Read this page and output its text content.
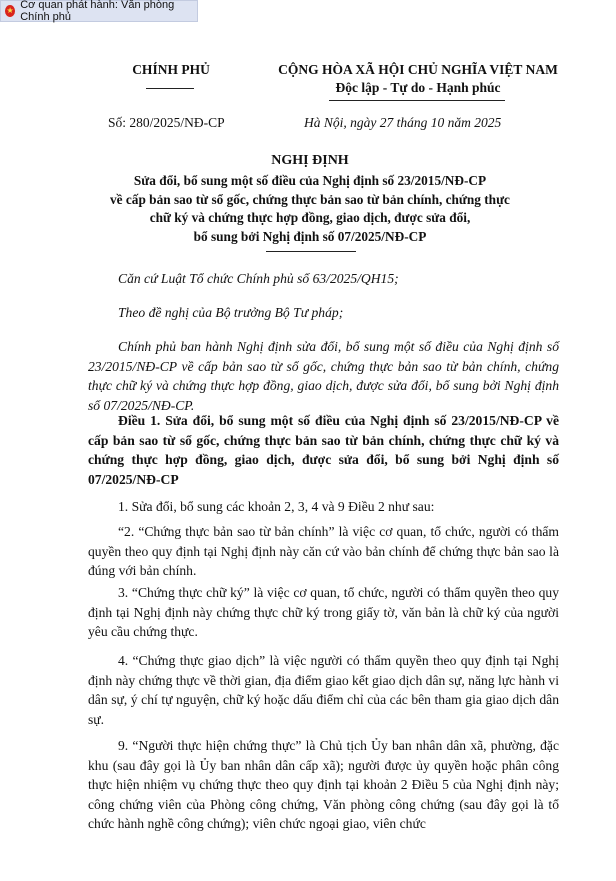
★ Cơ quan phát hành: Văn phòng Chính phủ

CHÍNH PHỦ	CỘNG HÒA XÃ HỘI CHỦ NGHĨA VIỆT NAM

Độc lập - Tự do - Hạnh phúc

Số: 280/2025/NĐ-CP	Hà Nội, ngày 27 tháng 10 năm 2025

NGHỊ ĐỊNH

Sửa đổi, bổ sung một số điều của Nghị định số 23/2015/NĐ-CP

về cấp bản sao từ sổ gốc, chứng thực bản sao từ bản chính, chứng thực

chữ ký và chứng thực hợp đồng, giao dịch, được sửa đổi,

bổ sung bởi Nghị định số 07/2025/NĐ-CP

Căn cứ Luật Tổ chức Chính phủ số 63/2025/QH15;

Theo đề nghị của Bộ trưởng Bộ Tư pháp;

Chính phủ ban hành Nghị định sửa đổi, bổ sung một số điều của Nghị định số 23/2015/NĐ-CP về cấp bản sao từ sổ gốc, chứng thực bản sao từ bản chính, chứng thực chữ ký và chứng thực hợp đồng, giao dịch, được sửa đổi, bổ sung bởi Nghị định số 07/2025/NĐ-CP.

Điều 1. Sửa đổi, bổ sung một số điều của Nghị định số 23/2015/NĐ-CP về cấp bản sao từ sổ gốc, chứng thực bản sao từ bản chính, chứng thực chữ ký và chứng thực hợp đồng, giao dịch, được sửa đổi, bổ sung bởi Nghị định số 07/2025/NĐ-CP

1. Sửa đổi, bổ sung các khoản 2, 3, 4 và 9 Điều 2 như sau:

“2. “Chứng thực bản sao từ bản chính” là việc cơ quan, tổ chức, người có thẩm quyền theo quy định tại Nghị định này căn cứ vào bản chính để chứng thực bản sao là đúng với bản chính.

3. “Chứng thực chữ ký” là việc cơ quan, tổ chức, người có thẩm quyền theo quy định tại Nghị định này chứng thực chữ ký trong giấy tờ, văn bản là chữ ký của người yêu cầu chứng thực.

4. “Chứng thực giao dịch” là việc người có thẩm quyền theo quy định tại Nghị định này chứng thực về thời gian, địa điểm giao kết giao dịch dân sự, năng lực hành vi dân sự, ý chí tự nguyện, chữ ký hoặc dấu điểm chỉ của các bên tham gia giao dịch dân sự.

9. “Người thực hiện chứng thực” là Chủ tịch Ủy ban nhân dân xã, phường, đặc khu (sau đây gọi là Ủy ban nhân dân cấp xã); người được ủy quyền hoặc phân công thực hiện nhiệm vụ chứng thực theo quy định tại khoản 2 Điều 5 của Nghị định này; công chứng viên của Phòng công chứng, Văn phòng công chứng (sau đây gọi là tổ chức hành nghề công chứng); viên chức ngoại giao, viên chức
